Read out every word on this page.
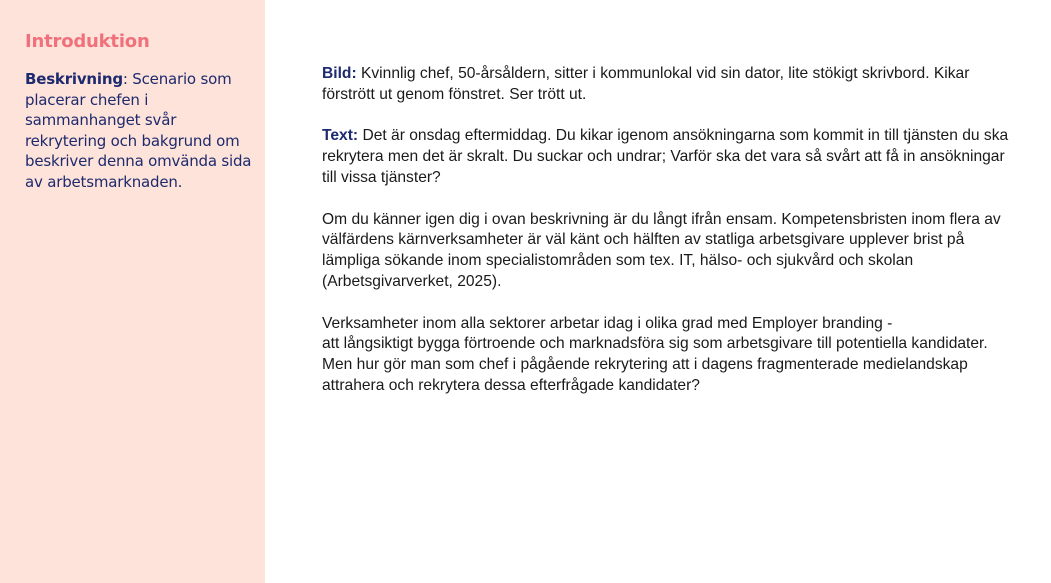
Introduktion

Beskrivning: Scenario som placerar chefen i sammanhanget svår rekrytering och bakgrund om beskriver denna omvända sida av arbetsmarknaden.

Bild: Kvinnlig chef, 50-årsåldern, sitter i kommunlokal vid sin dator, lite stökigt skrivbord. Kikar förstrött ut genom fönstret. Ser trött ut.

Text: Det är onsdag eftermiddag. Du kikar igenom ansökningarna som kommit in till tjänsten du ska rekrytera men det är skralt. Du suckar och undrar; Varför ska det vara så svårt att få in ansökningar till vissa tjänster?

Om du känner igen dig i ovan beskrivning är du långt ifrån ensam. Kompetensbristen inom flera av välfärdens kärnverksamheter är väl känt och hälften av statliga arbetsgivare upplever brist på lämpliga sökande inom specialistområden som tex. IT, hälso- och sjukvård och skolan (Arbetsgivarverket, 2025).

Verksamheter inom alla sektorer arbetar idag i olika grad med Employer branding -
att långsiktigt bygga förtroende och marknadsföra sig som arbetsgivare till potentiella kandidater. Men hur gör man som chef i pågående rekrytering att i dagens fragmenterade medielandskap attrahera och rekrytera dessa efterfrågade kandidater?
